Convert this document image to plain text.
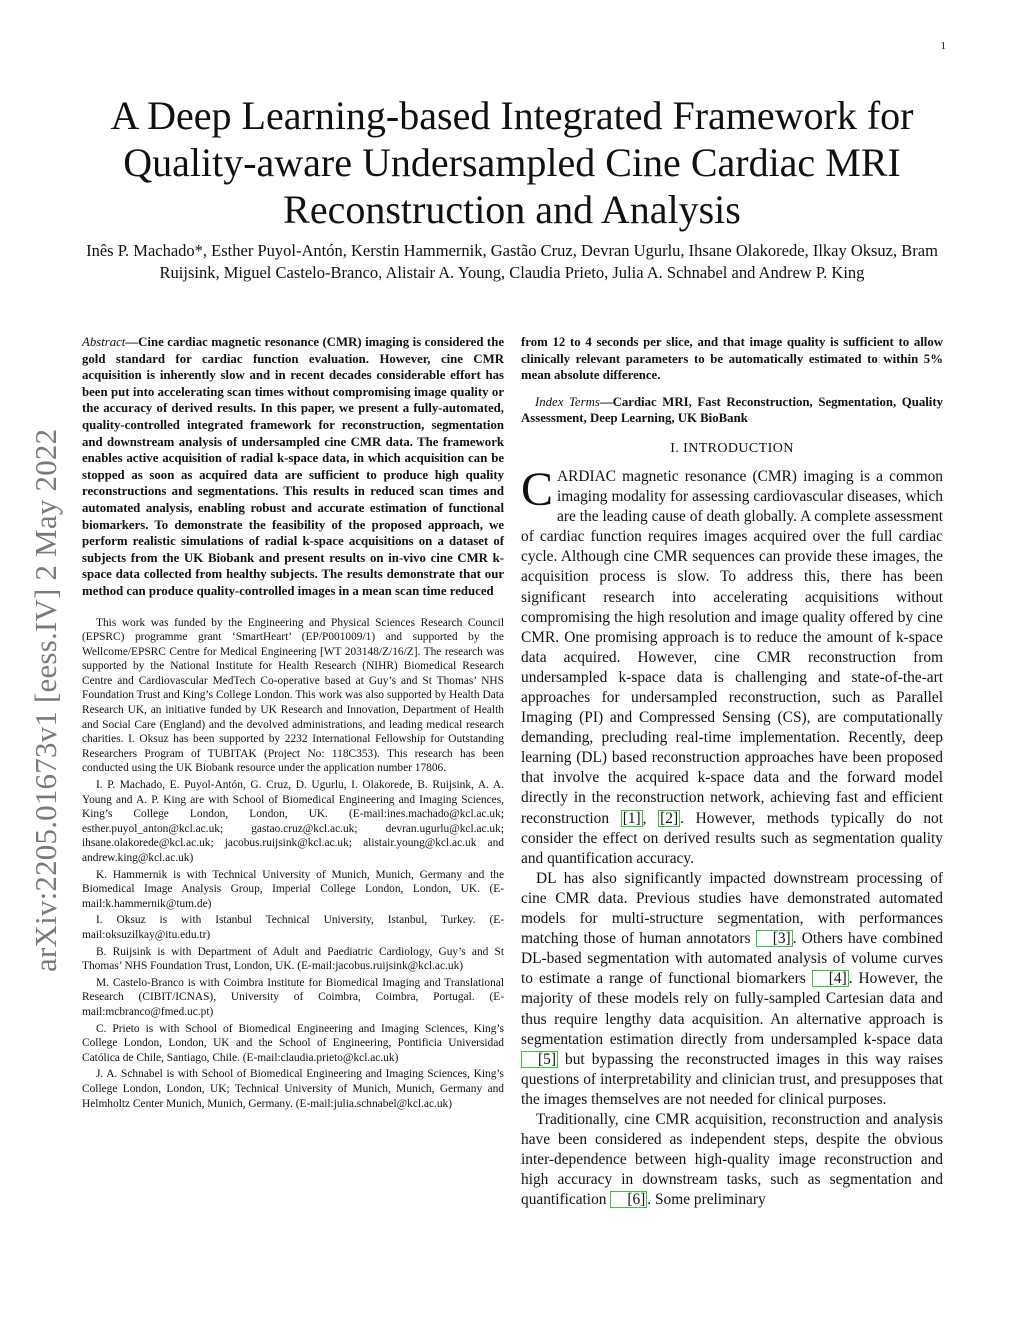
1
arXiv:2205.01673v1 [eess.IV] 2 May 2022
A Deep Learning-based Integrated Framework for Quality-aware Undersampled Cine Cardiac MRI Reconstruction and Analysis

Inês P. Machado*, Esther Puyol-Antón, Kerstin Hammernik, Gastão Cruz, Devran Ugurlu, Ihsane Olakorede, Ilkay Oksuz, Bram Ruijsink, Miguel Castelo-Branco, Alistair A. Young, Claudia Prieto, Julia A. Schnabel and Andrew P. King

Abstract—Cine cardiac magnetic resonance (CMR) imaging is considered the gold standard for cardiac function evaluation. However, cine CMR acquisition is inherently slow and in recent decades considerable effort has been put into accelerating scan times without compromising image quality or the accuracy of derived results. In this paper, we present a fully-automated, quality-controlled integrated framework for reconstruction, segmentation and downstream analysis of undersampled cine CMR data. The framework enables active acquisition of radial k-space data, in which acquisition can be stopped as soon as acquired data are sufficient to produce high quality reconstructions and segmentations. This results in reduced scan times and automated analysis, enabling robust and accurate estimation of functional biomarkers. To demonstrate the feasibility of the proposed approach, we perform realistic simulations of radial k-space acquisitions on a dataset of subjects from the UK Biobank and present results on in-vivo cine CMR k-space data collected from healthy subjects. The results demonstrate that our method can produce quality-controlled images in a mean scan time reduced

This work was funded by the Engineering and Physical Sciences Research Council (EPSRC) programme grant ‘SmartHeart’ (EP/P001009/1) and supported by the Wellcome/EPSRC Centre for Medical Engineering [WT 203148/Z/16/Z]. The research was supported by the National Institute for Health Research (NIHR) Biomedical Research Centre and Cardiovascular MedTech Co-operative based at Guy’s and St Thomas’ NHS Foundation Trust and King’s College London. This work was also supported by Health Data Research UK, an initiative funded by UK Research and Innovation, Department of Health and Social Care (England) and the devolved administrations, and leading medical research charities. I. Oksuz has been supported by 2232 International Fellowship for Outstanding Researchers Program of TUBITAK (Project No: 118C353). This research has been conducted using the UK Biobank resource under the application number 17806.

I. P. Machado, E. Puyol-Antón, G. Cruz, D. Ugurlu, I. Olakorede, B. Ruijsink, A. A. Young and A. P. King are with School of Biomedical Engineering and Imaging Sciences, King’s College London, London, UK. (E-mail:ines.machado@kcl.ac.uk; esther.puyol_anton@kcl.ac.uk; gastao.cruz@kcl.ac.uk; devran.ugurlu@kcl.ac.uk; ihsane.olakorede@kcl.ac.uk; jacobus.ruijsink@kcl.ac.uk; alistair.young@kcl.ac.uk and andrew.king@kcl.ac.uk)

K. Hammernik is with Technical University of Munich, Munich, Germany and the Biomedical Image Analysis Group, Imperial College London, London, UK. (E-mail:k.hammernik@tum.de)

I. Oksuz is with Istanbul Technical University, Istanbul, Turkey. (E-mail:oksuzilkay@itu.edu.tr)

B. Ruijsink is with Department of Adult and Paediatric Cardiology, Guy’s and St Thomas’ NHS Foundation Trust, London, UK. (E-mail:jacobus.ruijsink@kcl.ac.uk)

M. Castelo-Branco is with Coimbra Institute for Biomedical Imaging and Translational Research (CIBIT/ICNAS), University of Coimbra, Coimbra, Portugal. (E-mail:mcbranco@fmed.uc.pt)

C. Prieto is with School of Biomedical Engineering and Imaging Sciences, King’s College London, London, UK and the School of Engineering, Pontificia Universidad Católica de Chile, Santiago, Chile. (E-mail:claudia.prieto@kcl.ac.uk)

J. A. Schnabel is with School of Biomedical Engineering and Imaging Sciences, King’s College London, London, UK; Technical University of Munich, Munich, Germany and Helmholtz Center Munich, Munich, Germany. (E-mail:julia.schnabel@kcl.ac.uk)

from 12 to 4 seconds per slice, and that image quality is sufficient to allow clinically relevant parameters to be automatically estimated to within 5% mean absolute difference.

Index Terms—Cardiac MRI, Fast Reconstruction, Segmentation, Quality Assessment, Deep Learning, UK BioBank

I. INTRODUCTION

CARDIAC magnetic resonance (CMR) imaging is a common imaging modality for assessing cardiovascular diseases, which are the leading cause of death globally. A complete assessment of cardiac function requires images acquired over the full cardiac cycle. Although cine CMR sequences can provide these images, the acquisition process is slow. To address this, there has been significant research into accelerating acquisitions without compromising the high resolution and image quality offered by cine CMR. One promising approach is to reduce the amount of k-space data acquired. However, cine CMR reconstruction from undersampled k-space data is challenging and state-of-the-art approaches for undersampled reconstruction, such as Parallel Imaging (PI) and Compressed Sensing (CS), are computationally demanding, precluding real-time implementation. Recently, deep learning (DL) based reconstruction approaches have been proposed that involve the acquired k-space data and the forward model directly in the reconstruction network, achieving fast and efficient reconstruction [1] , [2] . However, methods typically do not consider the effect on derived results such as segmentation quality and quantification accuracy.

DL has also significantly impacted downstream processing of cine CMR data. Previous studies have demonstrated automated models for multi-structure segmentation, with performances matching those of human annotators [3] . Others have combined DL-based segmentation with automated analysis of volume curves to estimate a range of functional biomarkers [4] . However, the majority of these models rely on fully-sampled Cartesian data and thus require lengthy data acquisition. An alternative approach is segmentation estimation directly from undersampled k-space data [5] but bypassing the reconstructed images in this way raises questions of interpretability and clinician trust, and presupposes that the images themselves are not needed for clinical purposes.

Traditionally, cine CMR acquisition, reconstruction and analysis have been considered as independent steps, despite the obvious inter-dependence between high-quality image reconstruction and high accuracy in downstream tasks, such as segmentation and quantification [6] . Some preliminary
